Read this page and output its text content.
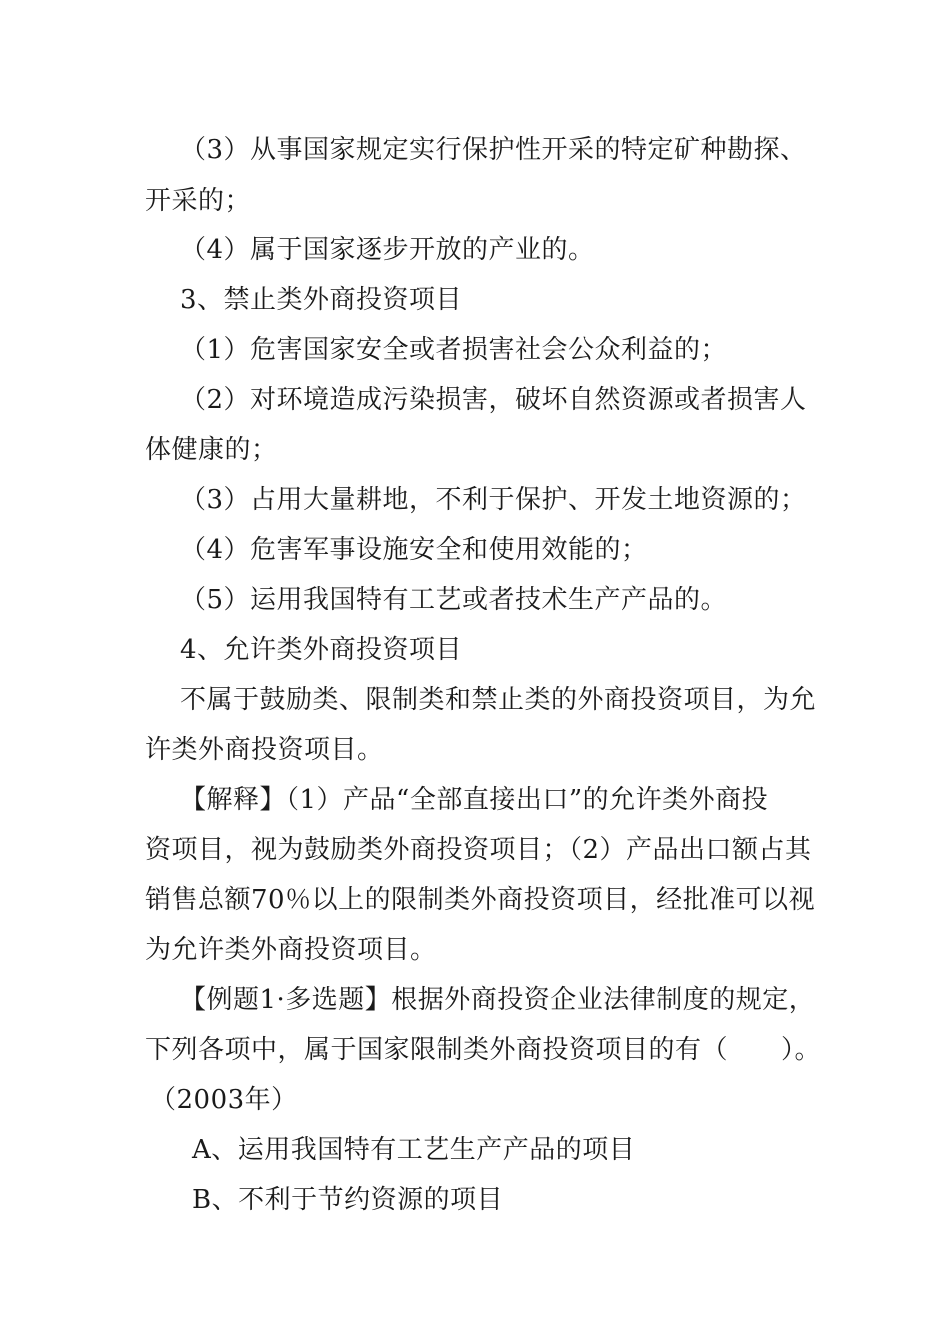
（3）从事国家规定实行保护性开采的特定矿种勘探、
开采的；
（4）属于国家逐步开放的产业的。
3、禁止类外商投资项目
（1）危害国家安全或者损害社会公众利益的；
（2）对环境造成污染损害，破坏自然资源或者损害人
体健康的；
（3）占用大量耕地，不利于保护、开发土地资源的；
（4）危害军事设施安全和使用效能的；
（5）运用我国特有工艺或者技术生产产品的。
4、允许类外商投资项目
不属于鼓励类、限制类和禁止类的外商投资项目，为允
许类外商投资项目。
【解释】（1）产品“全部直接出口”的允许类外商投
资项目，视为鼓励类外商投资项目；（2）产品出口额占其
销售总额70％以上的限制类外商投资项目，经批准可以视
为允许类外商投资项目。
【例题1·多选题】根据外商投资企业法律制度的规定，
下列各项中，属于国家限制类外商投资项目的有（　　）。
（2003年）
A、运用我国特有工艺生产产品的项目
B、不利于节约资源的项目
